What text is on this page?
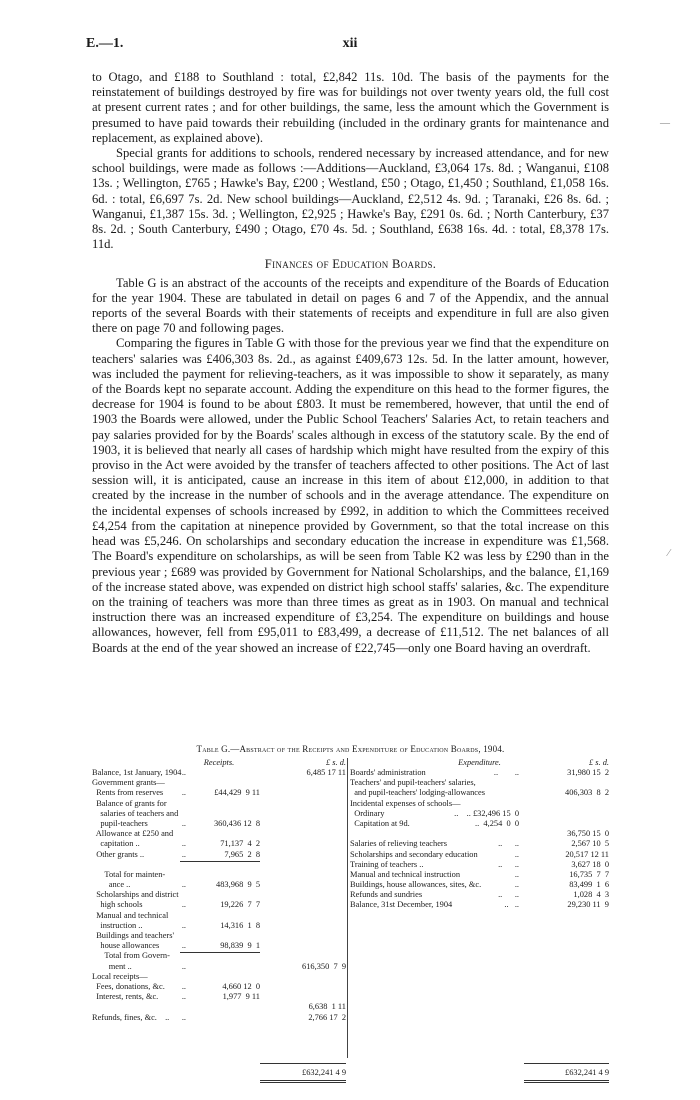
E.—1.	xii

to Otago, and £188 to Southland : total, £2,842 11s. 10d. The basis of the payments for the reinstatement of buildings destroyed by fire was for buildings not over twenty years old, the full cost at present current rates ; and for other buildings, the same, less the amount which the Government is presumed to have paid towards their rebuilding (included in the ordinary grants for maintenance and replacement, as explained above).

Special grants for additions to schools, rendered necessary by increased attendance, and for new school buildings, were made as follows :—Additions—Auckland, £3,064 17s. 8d. ; Wanganui, £108 13s. ; Wellington, £765 ; Hawke's Bay, £200 ; Westland, £50 ; Otago, £1,450 ; Southland, £1,058 16s. 6d. : total, £6,697 7s. 2d. New school buildings—Auckland, £2,512 4s. 9d. ; Taranaki, £26 8s. 6d. ; Wanganui, £1,387 15s. 3d. ; Wellington, £2,925 ; Hawke's Bay, £291 0s. 6d. ; North Canterbury, £37 8s. 2d. ; South Canterbury, £490 ; Otago, £70 4s. 5d. ; Southland, £638 16s. 4d. : total, £8,378 17s. 11d.

Finances of Education Boards.

Table G is an abstract of the accounts of the receipts and expenditure of the Boards of Education for the year 1904. These are tabulated in detail on pages 6 and 7 of the Appendix, and the annual reports of the several Boards with their statements of receipts and expenditure in full are also given there on page 70 and following pages.

Comparing the figures in Table G with those for the previous year we find that the expenditure on teachers' salaries was £406,303 8s. 2d., as against £409,673 12s. 5d. In the latter amount, however, was included the payment for relieving-teachers, as it was impossible to show it separately, as many of the Boards kept no separate account. Adding the expenditure on this head to the former figures, the decrease for 1904 is found to be about £803. It must be remembered, however, that until the end of 1903 the Boards were allowed, under the Public School Teachers' Salaries Act, to retain teachers and pay salaries provided for by the Boards' scales although in excess of the statutory scale. By the end of 1903, it is believed that nearly all cases of hardship which might have resulted from the expiry of this proviso in the Act were avoided by the transfer of teachers affected to other positions. The Act of last session will, it is anticipated, cause an increase in this item of about £12,000, in addition to that created by the increase in the number of schools and in the average attendance. The expenditure on the incidental expenses of schools increased by £992, in addition to which the Committees received £4,254 from the capitation at ninepence provided by Government, so that the total increase on this head was £5,246. On scholarships and secondary education the increase in expenditure was £1,568. The Board's expenditure on scholarships, as will be seen from Table K2 was less by £290 than in the previous year ; £689 was provided by Government for National Scholarships, and the balance, £1,169 of the increase stated above, was expended on district high school staffs' salaries, &c. The expenditure on the training of teachers was more than three times as great as in 1903. On manual and technical instruction there was an increased expenditure of £3,254. The expenditure on buildings and house allowances, however, fell from £95,011 to £83,499, a decrease of £11,512. The net balances of all Boards at the end of the year showed an increase of £22,745—only one Board having an overdraft.

Table G.—Abstract of the Receipts and Expenditure of Education Boards, 1904.
Receipts.	£ s. d.
Balance, 1st January, 1904 ..	6,485 17 11
Government grants—
Rents from reserves ..	£44,429  9 11
Balance of grants for
salaries of teachers and
pupil-teachers	..	360,436 12  8
Allowance at £250 and
capitation ..	..	71,137  4  2
Other grants ..	..	7,965  2  8
Total for mainten-
ance ..	..	483,968  9  5
Scholarships and district
high schools	..	19,226  7  7
Manual and technical
instruction ..	..	14,316  1  8
Buildings and teachers'
house allowances	..	98,839  9  1
Total from Govern-
ment ..	..	616,350  7  9
Local receipts—
Fees, donations, &c. ..	4,660 12  0
Interest, rents, &c.	..	1,977  9 11
6,638  1 11
Refunds, fines, &c. ..      ..	2,766 17  2
Expenditure.	£ s. d.
Boards' administration	..        ..	31,980 15  2
Teachers' and pupil-teachers' salaries,
and pupil-teachers' lodging-allowances	406,303  8  2
Incidental expenses of schools—
Ordinary	..    .. £32,496 15  0
Capitation at 9d.	..  4,254  0  0
36,750 15  0
Salaries of relieving teachers	..      ..	2,567 10  5
Scholarships and secondary education	..	20,517 12 11
Training of teachers ..	..      ..	3,627 18  0
Manual and technical instruction	..	16,735  7  7
Buildings, house allowances, sites, &c.	..	83,499  1  6
Refunds and sundries	..      ..	1,028  4  3
Balance, 31st December, 1904	..   ..	29,230 11  9
£632,241 4 9	£632,241 4 9
—
⁄
